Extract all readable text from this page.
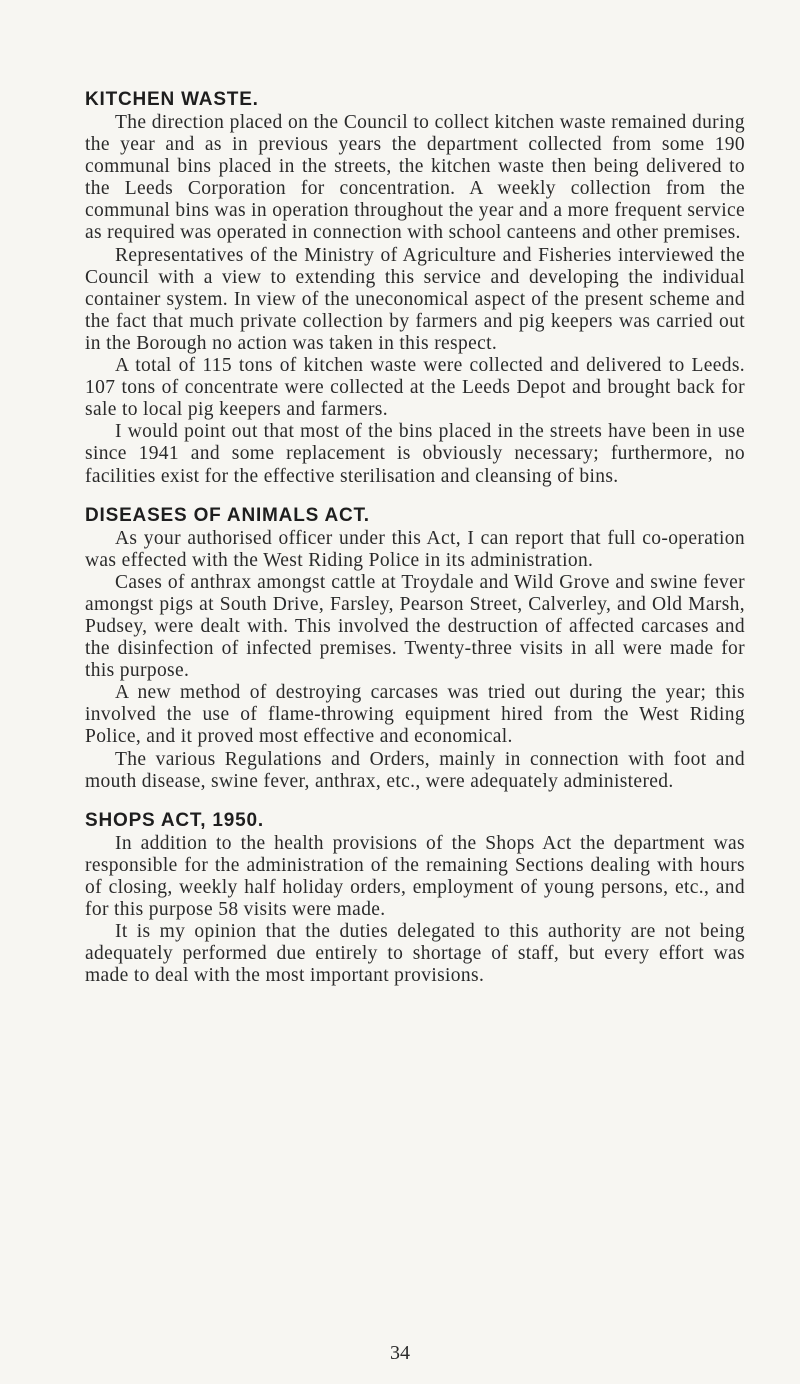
KITCHEN WASTE.

The direction placed on the Council to collect kitchen waste remained during the year and as in previous years the department collected from some 190 communal bins placed in the streets, the kitchen waste then being delivered to the Leeds Corporation for concentration. A weekly collection from the communal bins was in operation throughout the year and a more frequent service as required was operated in connection with school canteens and other premises.

Representatives of the Ministry of Agriculture and Fisheries interviewed the Council with a view to extending this service and developing the individual container system. In view of the uneconomical aspect of the present scheme and the fact that much private collection by farmers and pig keepers was carried out in the Borough no action was taken in this respect.

A total of 115 tons of kitchen waste were collected and delivered to Leeds. 107 tons of concentrate were collected at the Leeds Depot and brought back for sale to local pig keepers and farmers.

I would point out that most of the bins placed in the streets have been in use since 1941 and some replacement is obviously necessary; furthermore, no facilities exist for the effective sterilisation and cleansing of bins.

DISEASES OF ANIMALS ACT.

As your authorised officer under this Act, I can report that full co-operation was effected with the West Riding Police in its administration.

Cases of anthrax amongst cattle at Troydale and Wild Grove and swine fever amongst pigs at South Drive, Farsley, Pearson Street, Calverley, and Old Marsh, Pudsey, were dealt with. This involved the destruction of affected carcases and the disinfection of infected premises. Twenty-three visits in all were made for this purpose.

A new method of destroying carcases was tried out during the year; this involved the use of flame-throwing equipment hired from the West Riding Police, and it proved most effective and economical.

The various Regulations and Orders, mainly in connection with foot and mouth disease, swine fever, anthrax, etc., were adequately administered.

SHOPS ACT, 1950.

In addition to the health provisions of the Shops Act the department was responsible for the administration of the remaining Sections dealing with hours of closing, weekly half holiday orders, employment of young persons, etc., and for this purpose 58 visits were made.

It is my opinion that the duties delegated to this authority are not being adequately performed due entirely to shortage of staff, but every effort was made to deal with the most important provisions.

34
